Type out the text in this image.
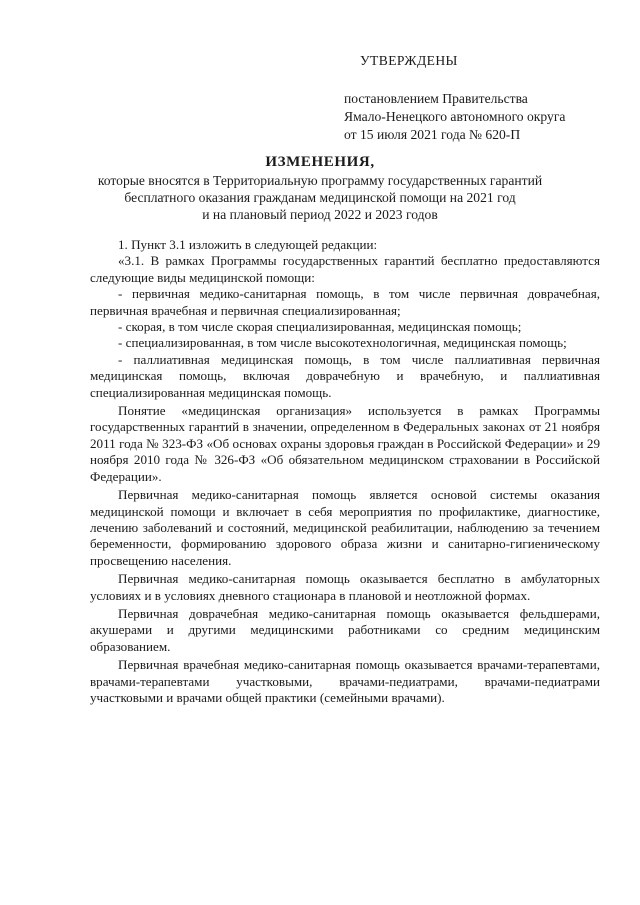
УТВЕРЖДЕНЫ
постановлением Правительства
Ямало-Ненецкого автономного округа
от 15 июля 2021 года № 620-П
ИЗМЕНЕНИЯ,
которые вносятся в Территориальную программу государственных гарантий
бесплатного оказания гражданам медицинской помощи на 2021 год
и на плановый период 2022 и 2023 годов

1. Пункт 3.1 изложить в следующей редакции:

«3.1. В рамках Программы государственных гарантий бесплатно предоставляются следующие виды медицинской помощи:

- первичная медико-санитарная помощь, в том числе первичная доврачебная, первичная врачебная и первичная специализированная;

- скорая, в том числе скорая специализированная, медицинская помощь;

- специализированная, в том числе высокотехнологичная, медицинская помощь;

- паллиативная медицинская помощь, в том числе паллиативная первичная медицинская помощь, включая доврачебную и врачебную, и паллиативная специализированная медицинская помощь.

Понятие «медицинская организация» используется в рамках Программы государственных гарантий в значении, определенном в Федеральных законах от 21 ноября 2011 года № 323-ФЗ «Об основах охраны здоровья граждан в Российской Федерации» и 29 ноября 2010 года № 326-ФЗ «Об обязательном медицинском страховании в Российской Федерации».

Первичная медико-санитарная помощь является основой системы оказания медицинской помощи и включает в себя мероприятия по профилактике, диагностике, лечению заболеваний и состояний, медицинской реабилитации, наблюдению за течением беременности, формированию здорового образа жизни и санитарно-гигиеническому просвещению населения.

Первичная медико-санитарная помощь оказывается бесплатно в амбулаторных условиях и в условиях дневного стационара в плановой и неотложной формах.

Первичная доврачебная медико-санитарная помощь оказывается фельдшерами, акушерами и другими медицинскими работниками со средним медицинским образованием.

Первичная врачебная медико-санитарная помощь оказывается врачами-терапевтами, врачами-терапевтами участковыми, врачами-педиатрами, врачами-педиатрами участковыми и врачами общей практики (семейными врачами).
